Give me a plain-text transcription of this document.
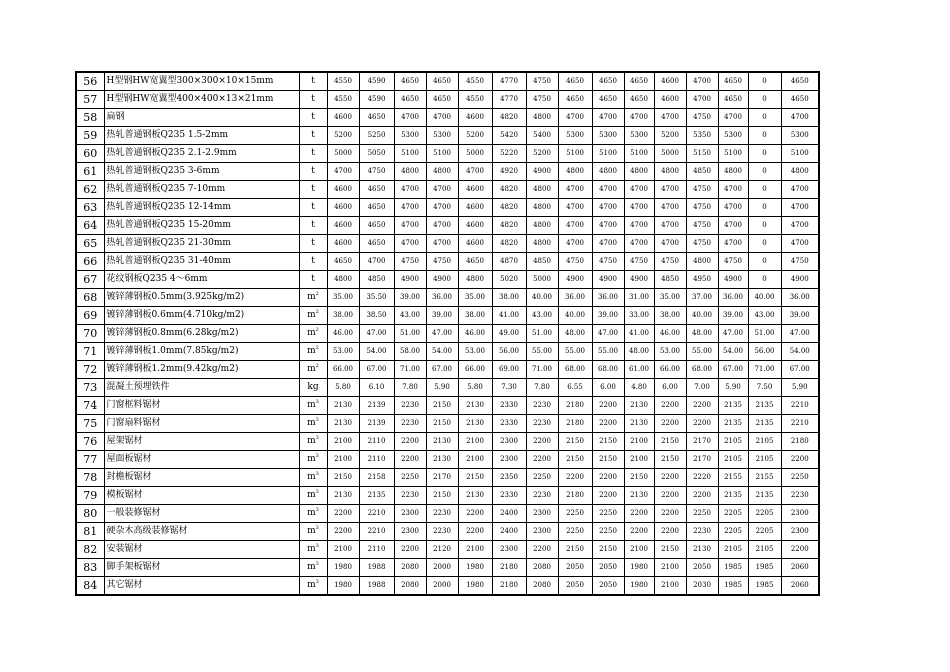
56	H型钢HW宽翼型300×300×10×15mm	t	4550	4590	4650	4650	4550	4770	4750	4650	4650	4650	4600	4700	4650	0	4650
57	H型钢HW宽翼型400×400×13×21mm	t	4550	4590	4650	4650	4550	4770	4750	4650	4650	4650	4600	4700	4650	0	4650
58	扁钢	t	4600	4650	4700	4700	4600	4820	4800	4700	4700	4700	4700	4750	4700	0	4700
59	热轧普通钢板Q235 1.5-2mm	t	5200	5250	5300	5300	5200	5420	5400	5300	5300	5300	5200	5350	5300	0	5300
60	热轧普通钢板Q235 2.1-2.9mm	t	5000	5050	5100	5100	5000	5220	5200	5100	5100	5100	5000	5150	5100	0	5100
61	热轧普通钢板Q235 3-6mm	t	4700	4750	4800	4800	4700	4920	4900	4800	4800	4800	4800	4850	4800	0	4800
62	热轧普通钢板Q235 7-10mm	t	4600	4650	4700	4700	4600	4820	4800	4700	4700	4700	4700	4750	4700	0	4700
63	热轧普通钢板Q235 12-14mm	t	4600	4650	4700	4700	4600	4820	4800	4700	4700	4700	4700	4750	4700	0	4700
64	热轧普通钢板Q235 15-20mm	t	4600	4650	4700	4700	4600	4820	4800	4700	4700	4700	4700	4750	4700	0	4700
65	热轧普通钢板Q235 21-30mm	t	4600	4650	4700	4700	4600	4820	4800	4700	4700	4700	4700	4750	4700	0	4700
66	热轧普通钢板Q235 31-40mm	t	4650	4700	4750	4750	4650	4870	4850	4750	4750	4750	4750	4800	4750	0	4750
67	花纹钢板Q235 4～6mm	t	4800	4850	4900	4900	4800	5020	5000	4900	4900	4900	4850	4950	4900	0	4900
68	镀锌薄钢板0.5mm(3.925kg/m2)	$m^2$	35.00	35.50	39.00	36.00	35.00	38.00	40.00	36.00	36.00	31.00	35.00	37.00	36.00	40.00	36.00
69	镀锌薄钢板0.6mm(4.710kg/m2)	$m^2$	38.00	38.50	43.00	39.00	38.00	41.00	43.00	40.00	39.00	33.00	38.00	40.00	39.00	43.00	39.00
70	镀锌薄钢板0.8mm(6.28kg/m2)	$m^2$	46.00	47.00	51.00	47.00	46.00	49.00	51.00	48.00	47.00	41.00	46.00	48.00	47.00	51.00	47.00
71	镀锌薄钢板1.0mm(7.85kg/m2)	$m^2$	53.00	54.00	58.00	54.00	53.00	56.00	55.00	55.00	55.00	48.00	53.00	55.00	54.00	56.00	54.00
72	镀锌薄钢板1.2mm(9.42kg/m2)	$m^2$	66.00	67.00	71.00	67.00	66.00	69.00	71.00	68.00	68.00	61.00	66.00	68.00	67.00	71.00	67.00
73	混凝土预埋铁件	kg	5.80	6.10	7.80	5.90	5.80	7.30	7.80	6.55	6.00	4.80	6.00	7.00	5.90	7.50	5.90
74	门窗框料锯材	$m^3$	2130	2139	2230	2150	2130	2330	2230	2180	2200	2130	2200	2200	2135	2135	2210
75	门窗扇料锯材	$m^3$	2130	2139	2230	2150	2130	2330	2230	2180	2200	2130	2200	2200	2135	2135	2210
76	屋架锯材	$m^3$	2100	2110	2200	2130	2100	2300	2200	2150	2150	2100	2150	2170	2105	2105	2180
77	屋面板锯材	$m^3$	2100	2110	2200	2130	2100	2300	2200	2150	2150	2100	2150	2170	2105	2105	2200
78	封檐板锯材	$m^3$	2150	2158	2250	2170	2150	2350	2250	2200	2200	2150	2200	2220	2155	2155	2250
79	模板锯材	$m^3$	2130	2135	2230	2150	2130	2330	2230	2180	2200	2130	2200	2200	2135	2135	2230
80	一般装修锯材	$m^3$	2200	2210	2300	2230	2200	2400	2300	2250	2250	2200	2200	2250	2205	2205	2300
81	硬杂木高级装修锯材	$m^3$	2200	2210	2300	2230	2200	2400	2300	2250	2250	2200	2200	2230	2205	2205	2300
82	安装锯材	$m^3$	2100	2110	2200	2120	2100	2300	2200	2150	2150	2100	2150	2130	2105	2105	2200
83	脚手架板锯材	$m^3$	1980	1988	2080	2000	1980	2180	2080	2050	2050	1980	2100	2050	1985	1985	2060
84	其它锯材	$m^3$	1980	1988	2080	2000	1980	2180	2080	2050	2050	1980	2100	2030	1985	1985	2060
